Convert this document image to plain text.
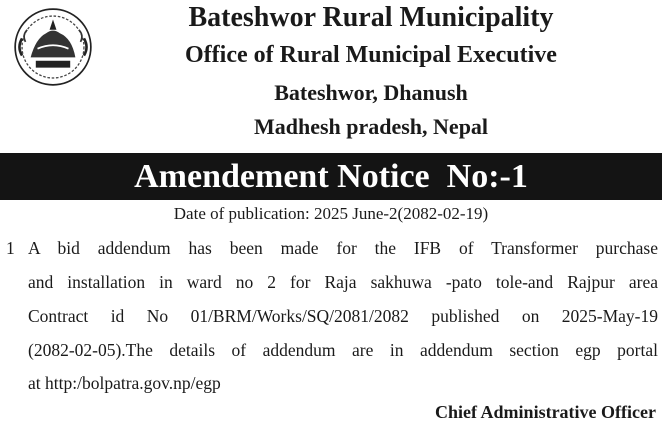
Bateshwor Rural Municipality
Office of Rural Municipal Executive
Bateshwor, Dhanush
Madhesh pradesh, Nepal
Amendement Notice  No:-1
Date of publication: 2025 June-2(2082-02-19)
1 A bid addendum has been made for the IFB of Transformer purchase
and installation in ward no 2 for Raja sakhuwa -pato tole-and Rajpur area
Contract id No 01/BRM/Works/SQ/2081/2082 published on 2025-May-19
(2082-02-05).The details of addendum are in addendum section egp portal
at http:/bolpatra.gov.np/egp
Chief Administrative Officer
